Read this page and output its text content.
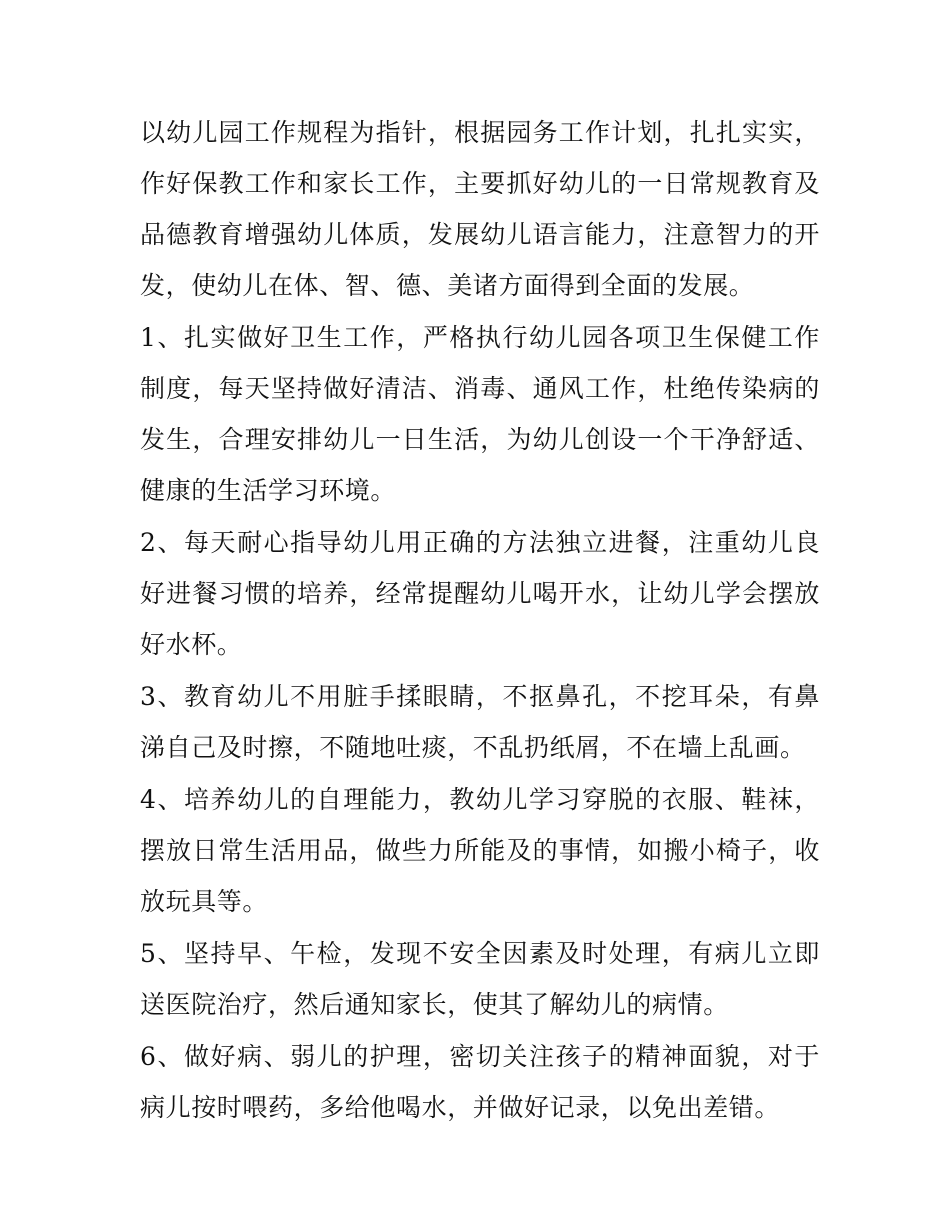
以幼儿园工作规程为指针，根据园务工作计划，扎扎实实，作好保教工作和家长工作，主要抓好幼儿的一日常规教育及品德教育增强幼儿体质，发展幼儿语言能力，注意智力的开发，使幼儿在体、智、德、美诸方面得到全面的发展。

1、扎实做好卫生工作，严格执行幼儿园各项卫生保健工作制度，每天坚持做好清洁、消毒、通风工作，杜绝传染病的发生，合理安排幼儿一日生活，为幼儿创设一个干净舒适、健康的生活学习环境。

2、每天耐心指导幼儿用正确的方法独立进餐，注重幼儿良好进餐习惯的培养，经常提醒幼儿喝开水，让幼儿学会摆放好水杯。

3、教育幼儿不用脏手揉眼睛，不抠鼻孔，不挖耳朵，有鼻涕自己及时擦，不随地吐痰，不乱扔纸屑，不在墙上乱画。

4、培养幼儿的自理能力，教幼儿学习穿脱的衣服、鞋袜，摆放日常生活用品，做些力所能及的事情，如搬小椅子，收放玩具等。

5、坚持早、午检，发现不安全因素及时处理，有病儿立即送医院治疗，然后通知家长，使其了解幼儿的病情。

6、做好病、弱儿的护理，密切关注孩子的精神面貌，对于病儿按时喂药，多给他喝水，并做好记录，以免出差错。
